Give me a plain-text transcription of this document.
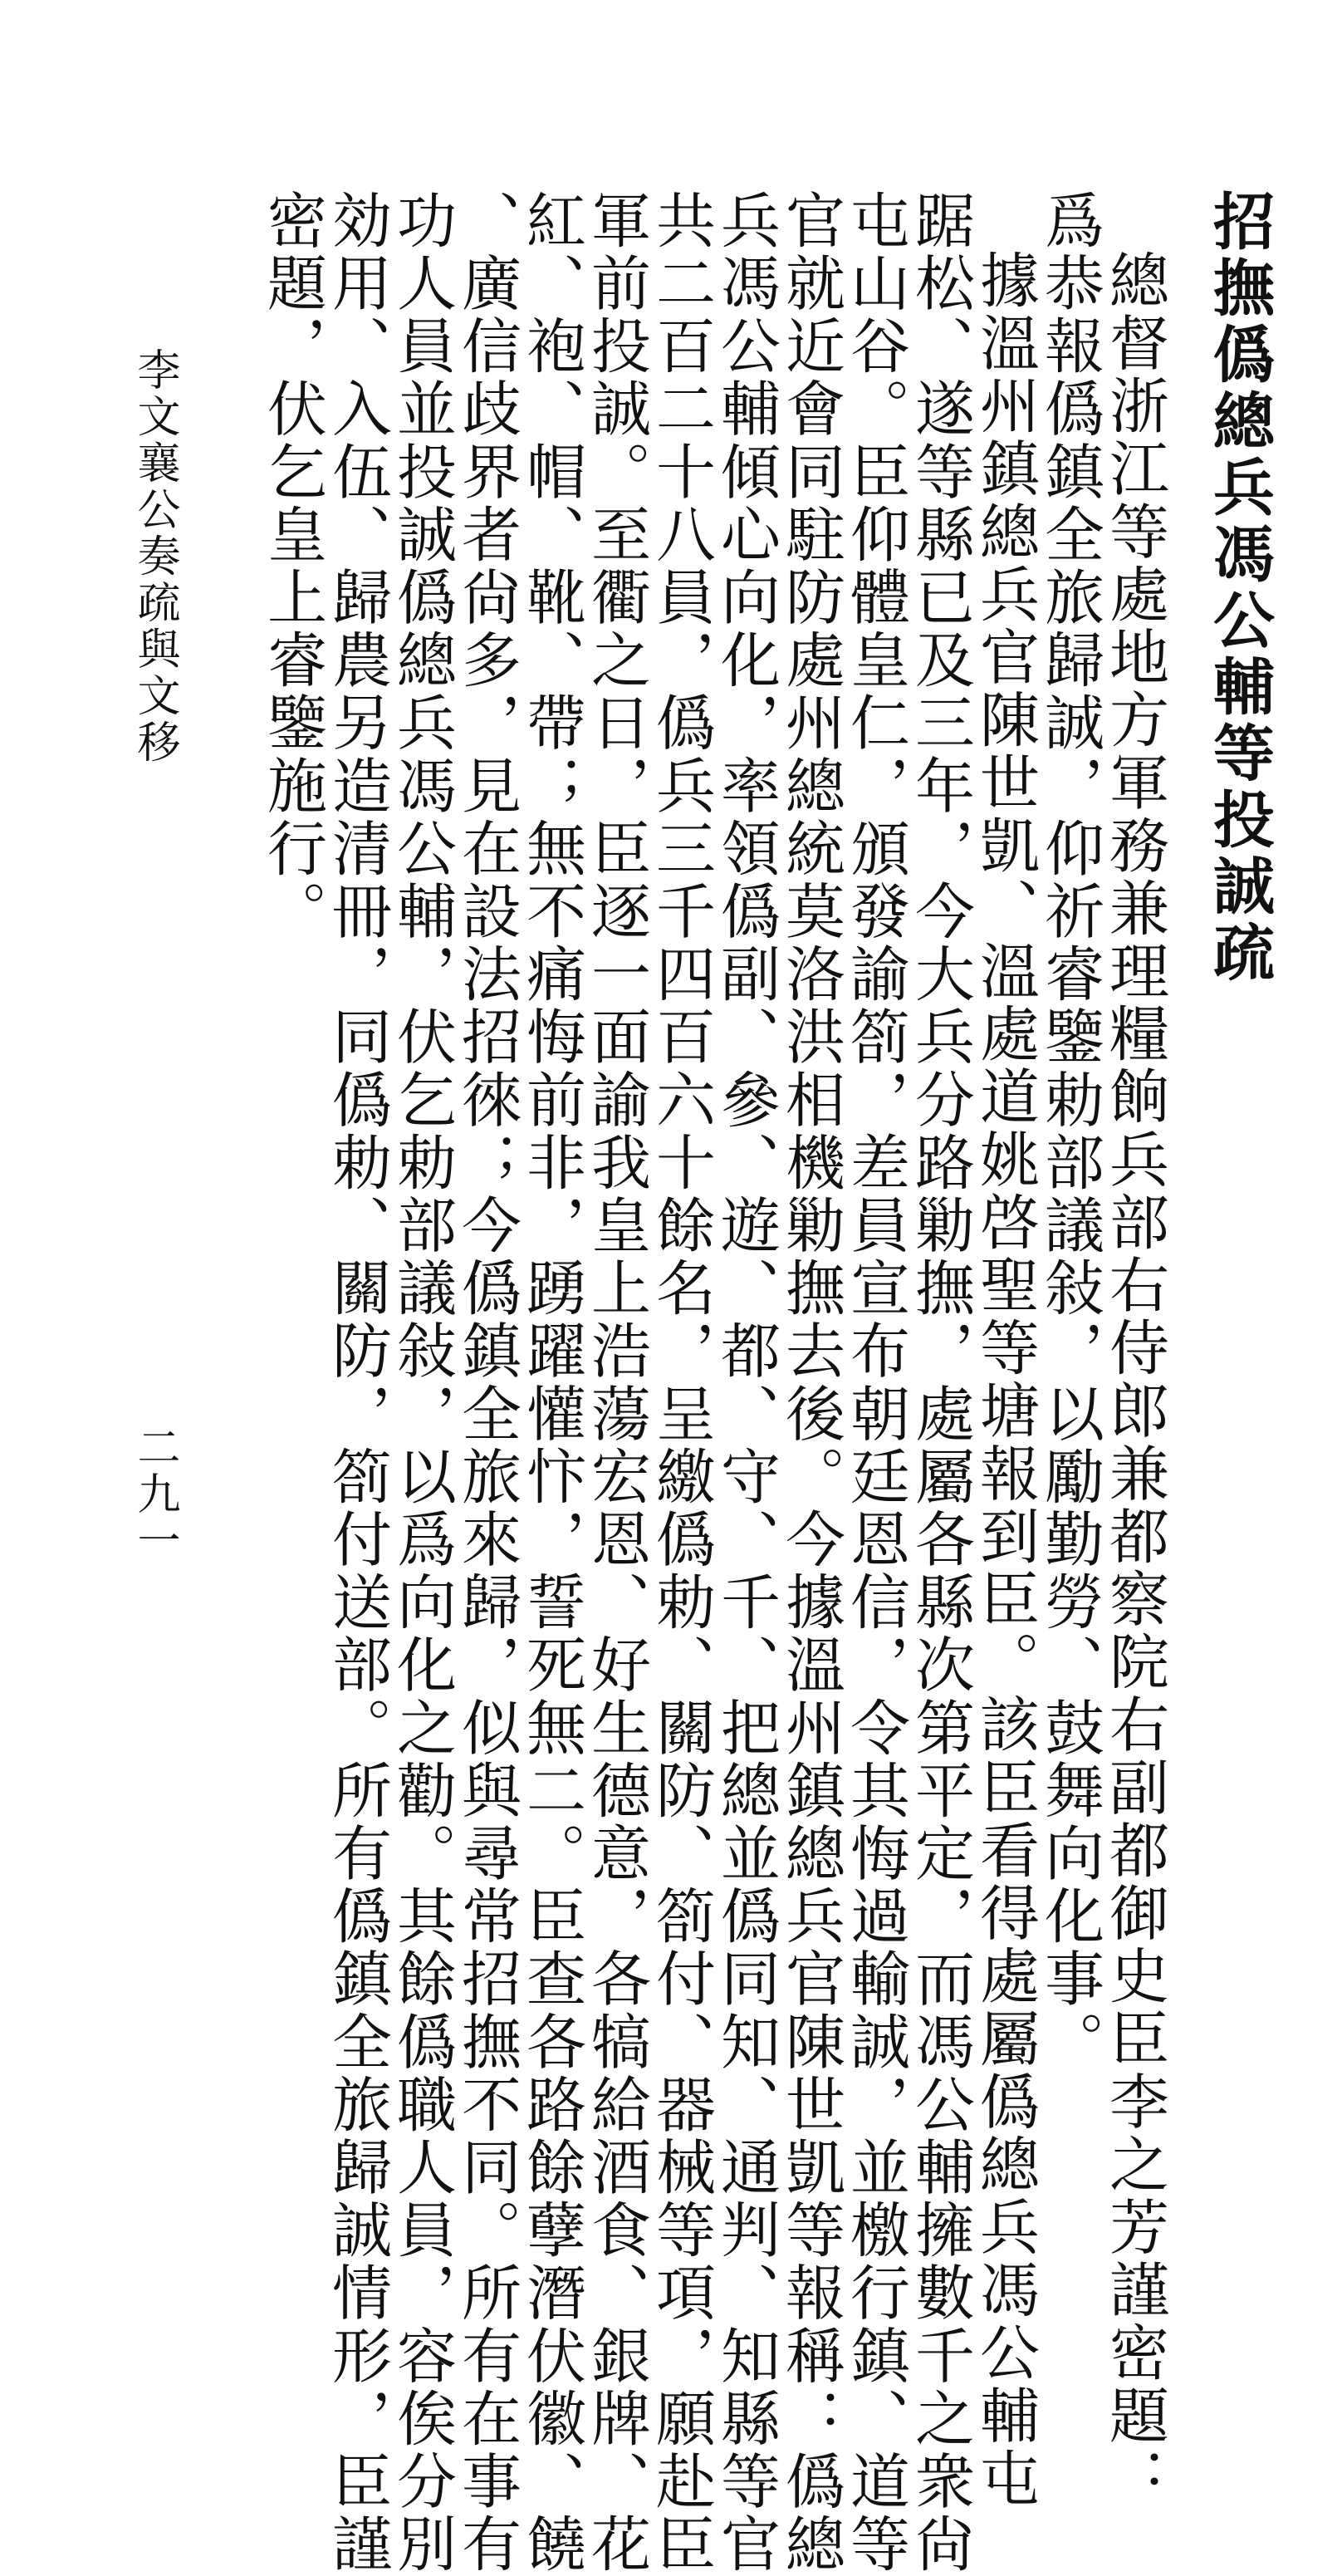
招撫僞總兵馮公輔等投誠疏
總督浙江等處地方軍務兼理糧餉兵部右侍郎兼都察院右副都御史臣李之芳謹密題：
爲恭報僞鎮全旅歸誠，仰祈睿鑒勅部議敍，以勵勤勞、鼓舞向化事。
據溫州鎮總兵官陳世凱、溫處道姚啓聖等塘報到臣。該臣看得處屬僞總兵馮公輔屯
踞松、遂等縣已及三年，今大兵分路勦撫，處屬各縣次第平定，而馮公輔擁數千之衆尙
屯山谷。臣仰體皇仁，頒發諭箚，差員宣布朝廷恩信，令其悔過輸誠，並檄行鎮、道等
官就近會同駐防處州總統莫洛洪相機勦撫去後。今據溫州鎮總兵官陳世凱等報稱：僞總
兵馮公輔傾心向化，率領僞副、參、遊、都、守、千、把總並僞同知、通判、知縣等官
共二百二十八員，僞兵三千四百六十餘名，呈繳僞勅、關防、箚付、器械等項，願赴臣
軍前投誠。至衢之日，臣逐一面諭我皇上浩蕩宏恩、好生德意，各犒給酒食、銀牌、花
紅、袍、帽、靴、帶；無不痛悔前非，踴躍懽忭，誓死無二。臣查各路餘孽潛伏徽、饒
、廣信歧界者尙多，見在設法招徠；今僞鎮全旅來歸，似與尋常招撫不同。所有在事有
功人員並投誠僞總兵馮公輔，伏乞勅部議敍，以爲向化之勸。其餘僞職人員，容俟分別
効用、入伍、歸農另造清冊，同僞勅、關防，箚付送部。所有僞鎮全旅歸誠情形，臣謹
密題，伏乞皇上睿鑒施行。
李文襄公奏疏與文移
二九一
